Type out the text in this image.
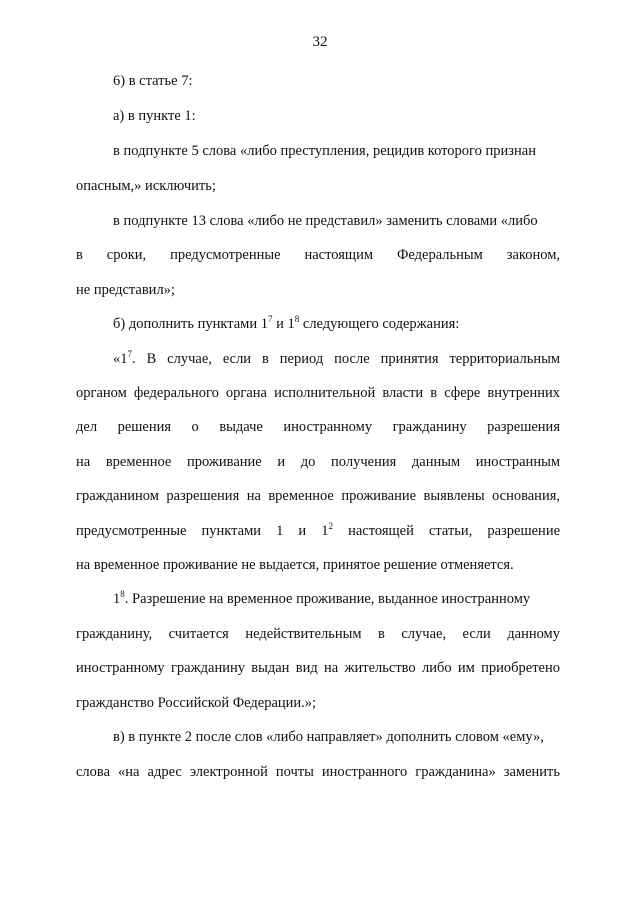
32
6) в статье 7:
а) в пункте 1:
в подпункте 5 слова «либо преступления, рецидив которого признан
опасным,» исключить;
в подпункте 13 слова «либо не представил» заменить словами «либо
в сроки, предусмотренные настоящим Федеральным законом,
не представил»;
б) дополнить пунктами $1^7$ и $1^8$ следующего содержания:
«$1^7$. В случае, если в период после принятия территориальным
органом федерального органа исполнительной власти в сфере внутренних
дел решения о выдаче иностранному гражданину разрешения
на временное проживание и до получения данным иностранным
гражданином разрешения на временное проживание выявлены основания,
предусмотренные пунктами 1 и $1^2$ настоящей статьи, разрешение
на временное проживание не выдается, принятое решение отменяется.
$1^8$. Разрешение на временное проживание, выданное иностранному
гражданину, считается недействительным в случае, если данному
иностранному гражданину выдан вид на жительство либо им приобретено
гражданство Российской Федерации.»;
в) в пункте 2 после слов «либо направляет» дополнить словом «ему»,
слова «на адрес электронной почты иностранного гражданина» заменить
